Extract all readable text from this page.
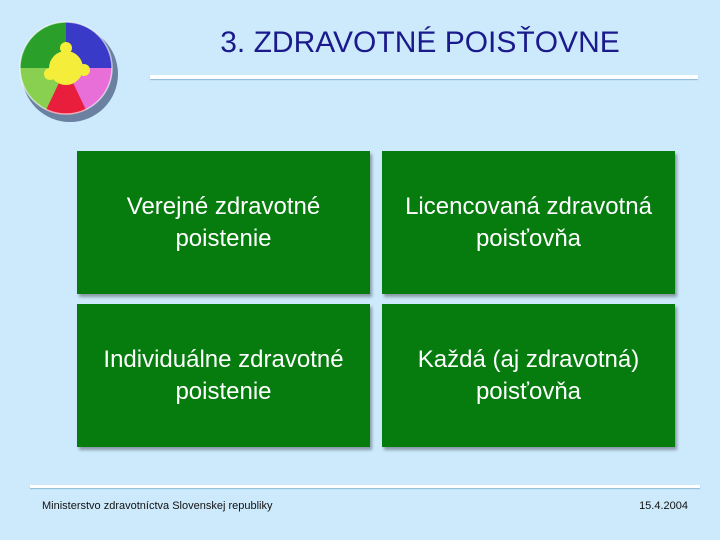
3. ZDRAVOTNÉ POISŤOVNE
Verejné zdravotné poistenie
Licencovaná zdravotná poisťovňa
Individuálne zdravotné poistenie
Každá (aj zdravotná) poisťovňa
Ministerstvo zdravotníctva Slovenskej republiky	15.4.2004
